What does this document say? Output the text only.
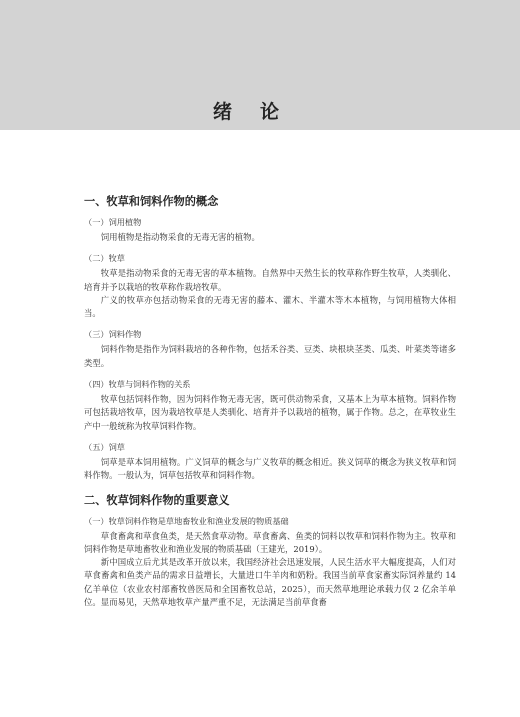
绪论
一、牧草和饲料作物的概念
（一）饲用植物

饲用植物是指动物采食的无毒无害的植物。

（二）牧草

牧草是指动物采食的无毒无害的草本植物。自然界中天然生长的牧草称作野生牧草，人类驯化、培育并予以栽培的牧草称作栽培牧草。

广义的牧草亦包括动物采食的无毒无害的藤本、灌木、半灌木等木本植物，与饲用植物大体相当。

（三）饲料作物

饲料作物是指作为饲料栽培的各种作物，包括禾谷类、豆类、块根块茎类、瓜类、叶菜类等诸多类型。

（四）牧草与饲料作物的关系

牧草包括饲料作物，因为饲料作物无毒无害，既可供动物采食，又基本上为草本植物。饲料作物可包括栽培牧草，因为栽培牧草是人类驯化、培育并予以栽培的植物，属于作物。总之，在草牧业生产中一般统称为牧草饲料作物。

（五）饲草

饲草是草本饲用植物。广义饲草的概念与广义牧草的概念相近。狭义饲草的概念为狭义牧草和饲料作物。一般认为，饲草包括牧草和饲料作物。

二、牧草饲料作物的重要意义
（一）牧草饲料作物是草地畜牧业和渔业发展的物质基础

草食畜禽和草食鱼类，是天然食草动物。草食畜禽、鱼类的饲料以牧草和饲料作物为主。牧草和饲料作物是草地畜牧业和渔业发展的物质基础（王建光，2019）。

新中国成立后尤其是改革开放以来，我国经济社会迅速发展，人民生活水平大幅度提高，人们对草食畜禽和鱼类产品的需求日益增长，大量进口牛羊肉和奶粉。我国当前草食家畜实际饲养量约 14 亿羊单位（农业农村部畜牧兽医局和全国畜牧总站，2025），而天然草地理论承载力仅 2 亿余羊单位。显而易见，天然草地牧草产量严重不足，无法满足当前草食畜
